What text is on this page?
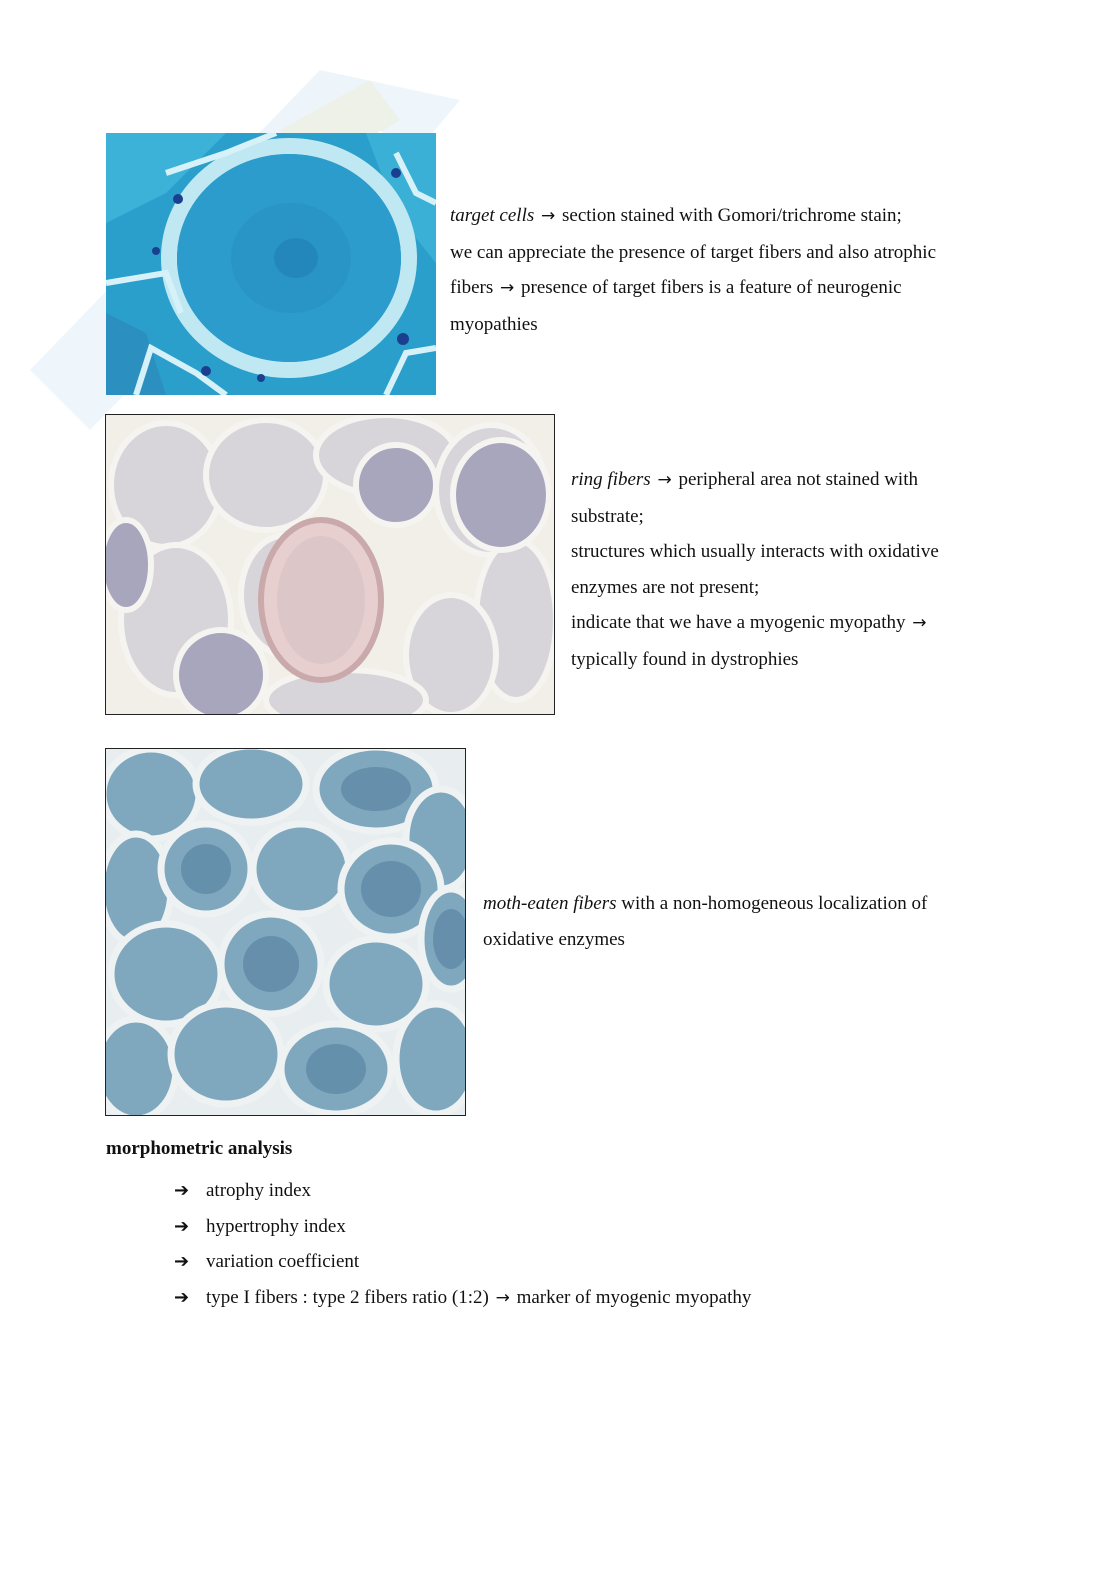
target cells → section stained with Gomori/trichrome stain;

we can appreciate the presence of target fibers and also atrophic

fibers → presence of target fibers is a feature of neurogenic

myopathies

ring fibers → peripheral area not stained with

substrate;

structures which usually interacts with oxidative

enzymes are not present;

indicate that we have a myogenic myopathy →

typically found in dystrophies

moth-eaten fibers with a non-homogeneous localization of

oxidative enzymes

morphometric analysis
➔ atrophy index
➔ hypertrophy index
➔ variation coefficient
➔ type I fibers : type 2 fibers ratio (1:2) → marker of myogenic myopathy
